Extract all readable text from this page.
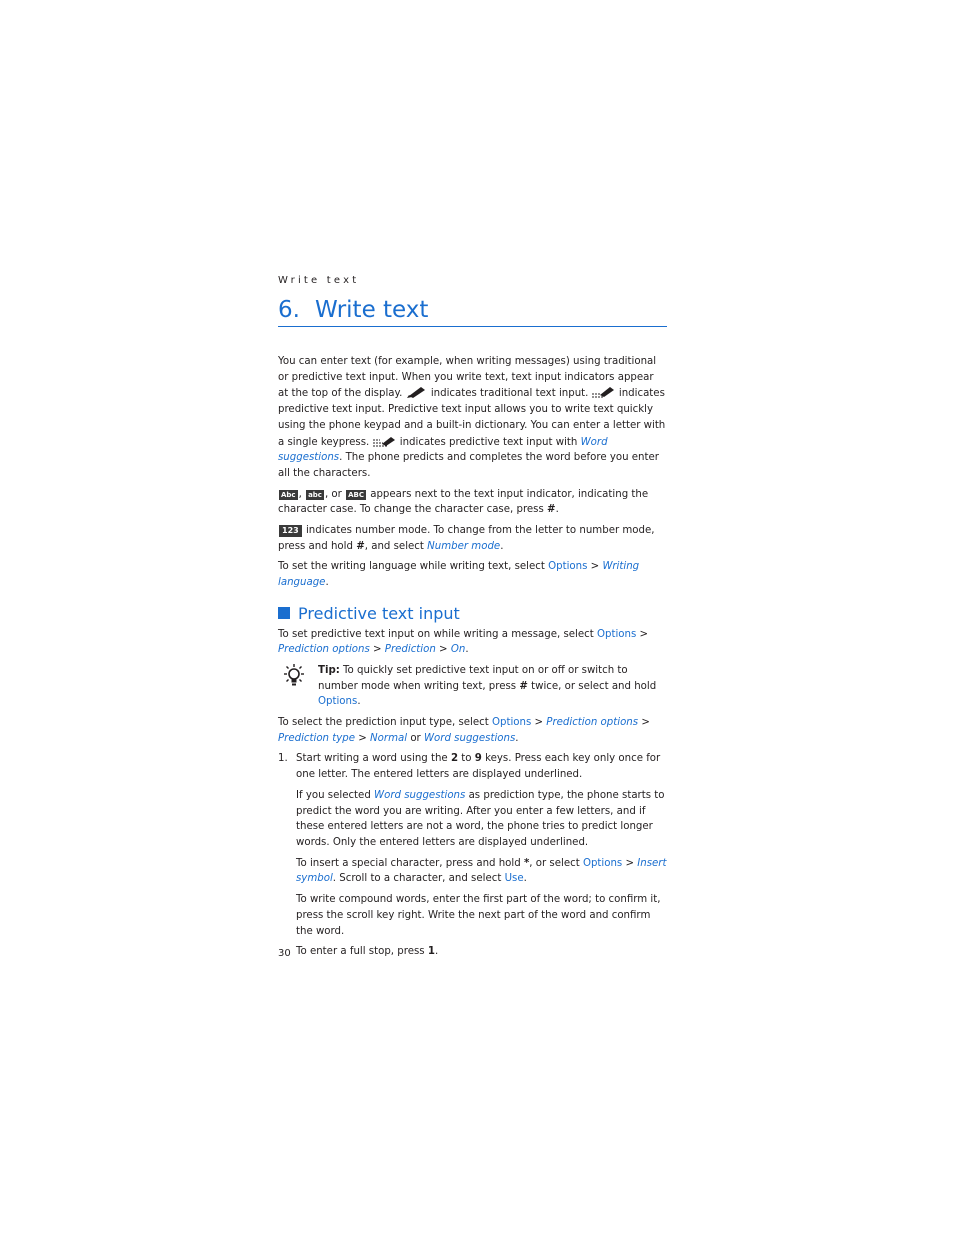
Write text
6. Write text

You can enter text (for example, when writing messages) using traditional or predictive text input. When you write text, text input indicators appear at the top of the display.  indicates traditional text input.  indicates predictive text input. Predictive text input allows you to write text quickly using the phone keypad and a built-in dictionary. You can enter a letter with a single keypress.  indicates predictive text input with Word suggestions. The phone predicts and completes the word before you enter all the characters.

Abc , abc , or ABC appears next to the text input indicator, indicating the character case. To change the character case, press #.

123 indicates number mode. To change from the letter to number mode, press and hold #, and select Number mode.

To set the writing language while writing text, select Options > Writing language.

Predictive text input

To set predictive text input on while writing a message, select Options > Prediction options > Prediction > On.

Tip: To quickly set predictive text input on or off or switch to number mode when writing text, press # twice, or select and hold Options.

To select the prediction input type, select Options > Prediction options > Prediction type > Normal or Word suggestions.

1. Start writing a word using the 2 to 9 keys. Press each key only once for one letter. The entered letters are displayed underlined.

If you selected Word suggestions as prediction type, the phone starts to predict the word you are writing. After you enter a few letters, and if these entered letters are not a word, the phone tries to predict longer words. Only the entered letters are displayed underlined.

To insert a special character, press and hold *, or select Options > Insert symbol. Scroll to a character, and select Use.

To write compound words, enter the first part of the word; to confirm it, press the scroll key right. Write the next part of the word and confirm the word.

To enter a full stop, press 1.

30
